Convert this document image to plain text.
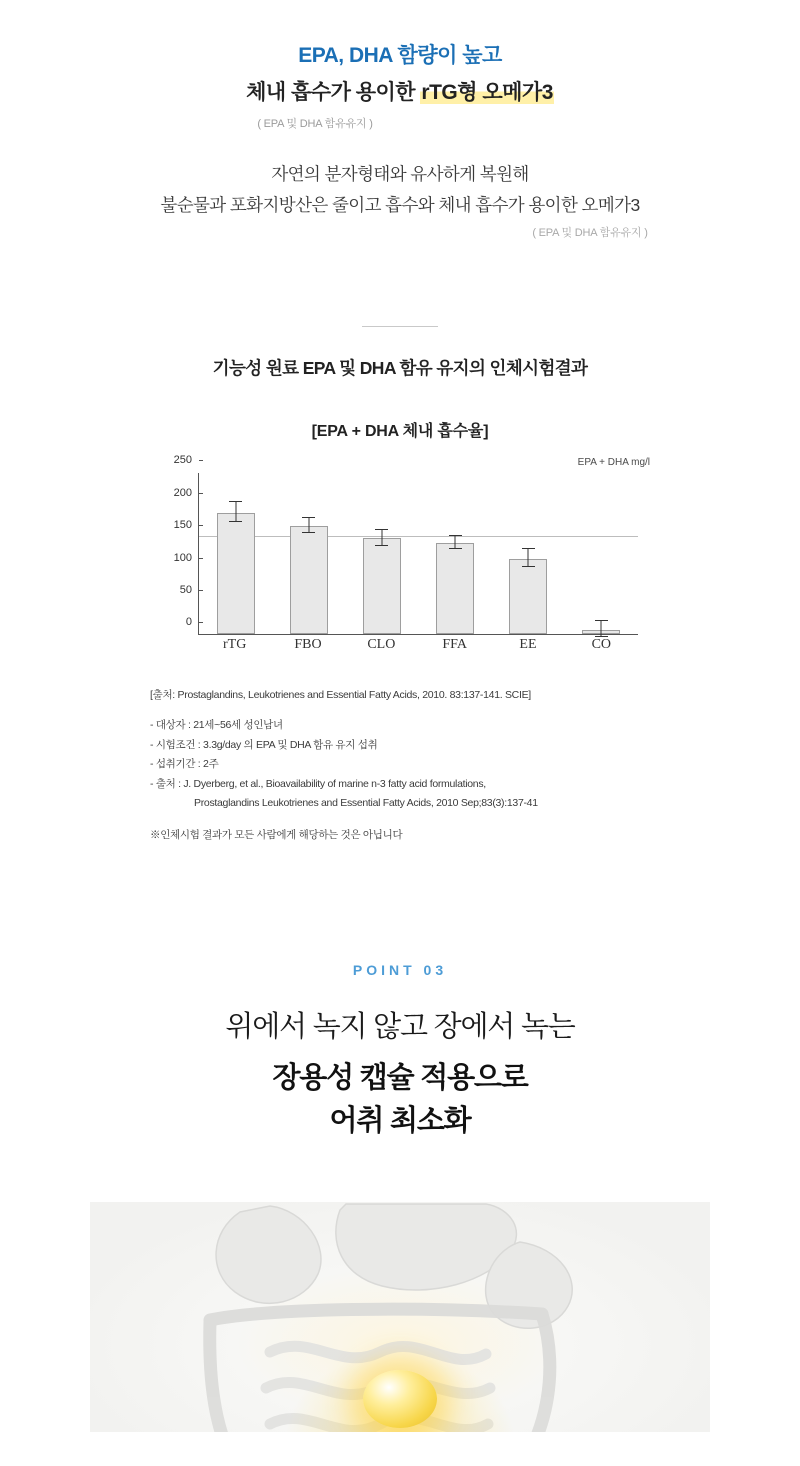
EPA, DHA 함량이 높고
체내 흡수가 용이한 rTG형 오메가3
( EPA 및 DHA 함유유지 )
자연의 분자형태와 유사하게 복원해
불순물과 포화지방산은 줄이고 흡수와 체내 흡수가 용이한 오메가3
( EPA 및 DHA 함유유지 )
기능성 원료 EPA 및 DHA 함유 유지의 인체시험결과
[EPA + DHA 체내 흡수율]
EPA + DHA mg/l
0
50
100
150
200
250
rTG	FBO	CLO	FFA	EE	CO
[출처: Prostaglandins, Leukotrienes and Essential Fatty Acids, 2010. 83:137-141. SCIE]
- 대상자 : 21세~56세 성인남녀
- 시험조건 : 3.3g/day 의 EPA 및 DHA 함유 유지 섭취
- 섭취기간 : 2주
- 출처 : J. Dyerberg, et al., Bioavailability of marine n-3 fatty acid formulations,
Prostaglandins Leukotrienes and Essential Fatty Acids, 2010 Sep;83(3):137-41
※인체시험 결과가 모든 사람에게 해당하는 것은 아닙니다
POINT 03
위에서 녹지 않고 장에서 녹는
장용성 캡슐 적용으로
어취 최소화
